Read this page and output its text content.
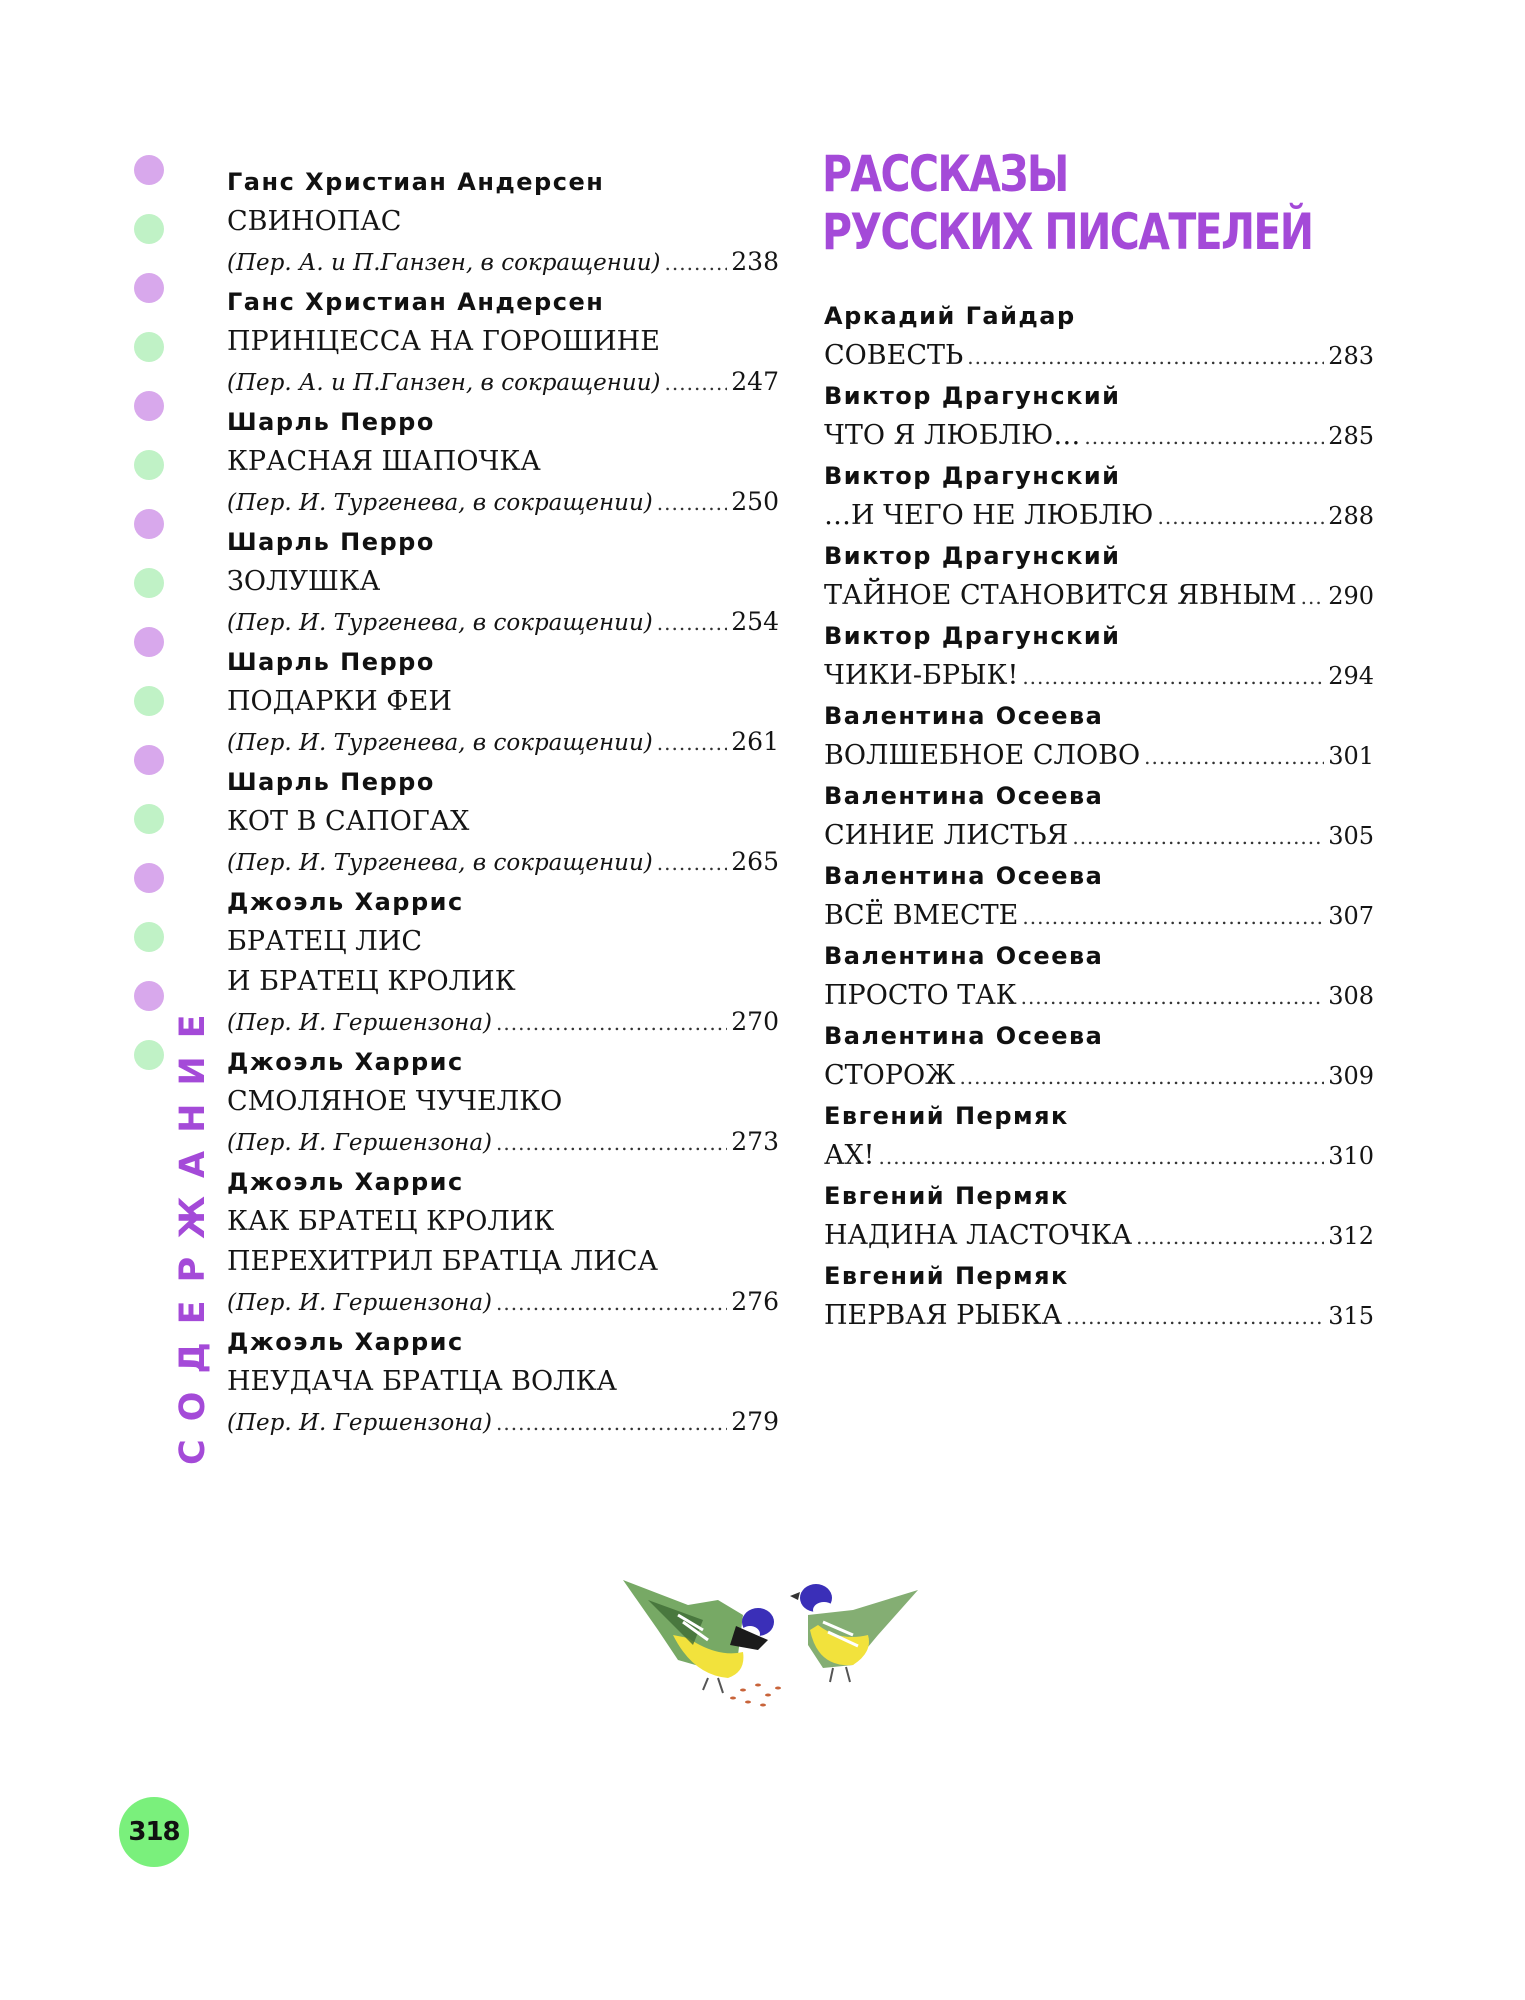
СОДЕРЖАНИЕ
318
Ганс Христиан Андерсен
СВИНОПАС
(Пер. А. и П.Ганзен, в сокращении) .....	238
Ганс Христиан Андерсен
ПРИНЦЕССА НА ГОРОШИНЕ
(Пер. А. и П.Ганзен, в сокращении) .....	247
Шарль Перро
КРАСНАЯ ШАПОЧКА
(Пер. И. Тургенева, в сокращении) .....	250
Шарль Перро
ЗОЛУШКА
(Пер. И. Тургенева, в сокращении) .....	254
Шарль Перро
ПОДАРКИ ФЕИ
(Пер. И. Тургенева, в сокращении) .....	261
Шарль Перро
КОТ В САПОГАХ
(Пер. И. Тургенева, в сокращении) .....	265
Джоэль Харрис
БРАТЕЦ ЛИС
И БРАТЕЦ КРОЛИК
(Пер. И. Гершензона) .....	270
Джоэль Харрис
СМОЛЯНОЕ ЧУЧЕЛКО
(Пер. И. Гершензона) .....	273
Джоэль Харрис
КАК БРАТЕЦ КРОЛИК
ПЕРЕХИТРИЛ БРАТЦА ЛИСА
(Пер. И. Гершензона) .....	276
Джоэль Харрис
НЕУДАЧА БРАТЦА ВОЛКА
(Пер. И. Гершензона) .....	279
РАССКАЗЫ
РУССКИХ ПИСАТЕЛЕЙ
Аркадий Гайдар
СОВЕСТЬ .....	283
Виктор Драгунский
ЧТО Я ЛЮБЛЮ… .....	285
Виктор Драгунский
…И ЧЕГО НЕ ЛЮБЛЮ .....	288
Виктор Драгунский
ТАЙНОЕ СТАНОВИТСЯ ЯВНЫМ ..... 290
Виктор Драгунский
ЧИКИ-БРЫК! .....	294
Валентина Осеева
ВОЛШЕБНОЕ СЛОВО .....	301
Валентина Осеева
СИНИЕ ЛИСТЬЯ .....	305
Валентина Осеева
ВСЁ ВМЕСТЕ .....	307
Валентина Осеева
ПРОСТО ТАК .....	308
Валентина Осеева
СТОРОЖ .....	309
Евгений Пермяк
АХ! .....	310
Евгений Пермяк
НАДИНА ЛАСТОЧКА .....	312
Евгений Пермяк
ПЕРВАЯ РЫБКА .....	315
